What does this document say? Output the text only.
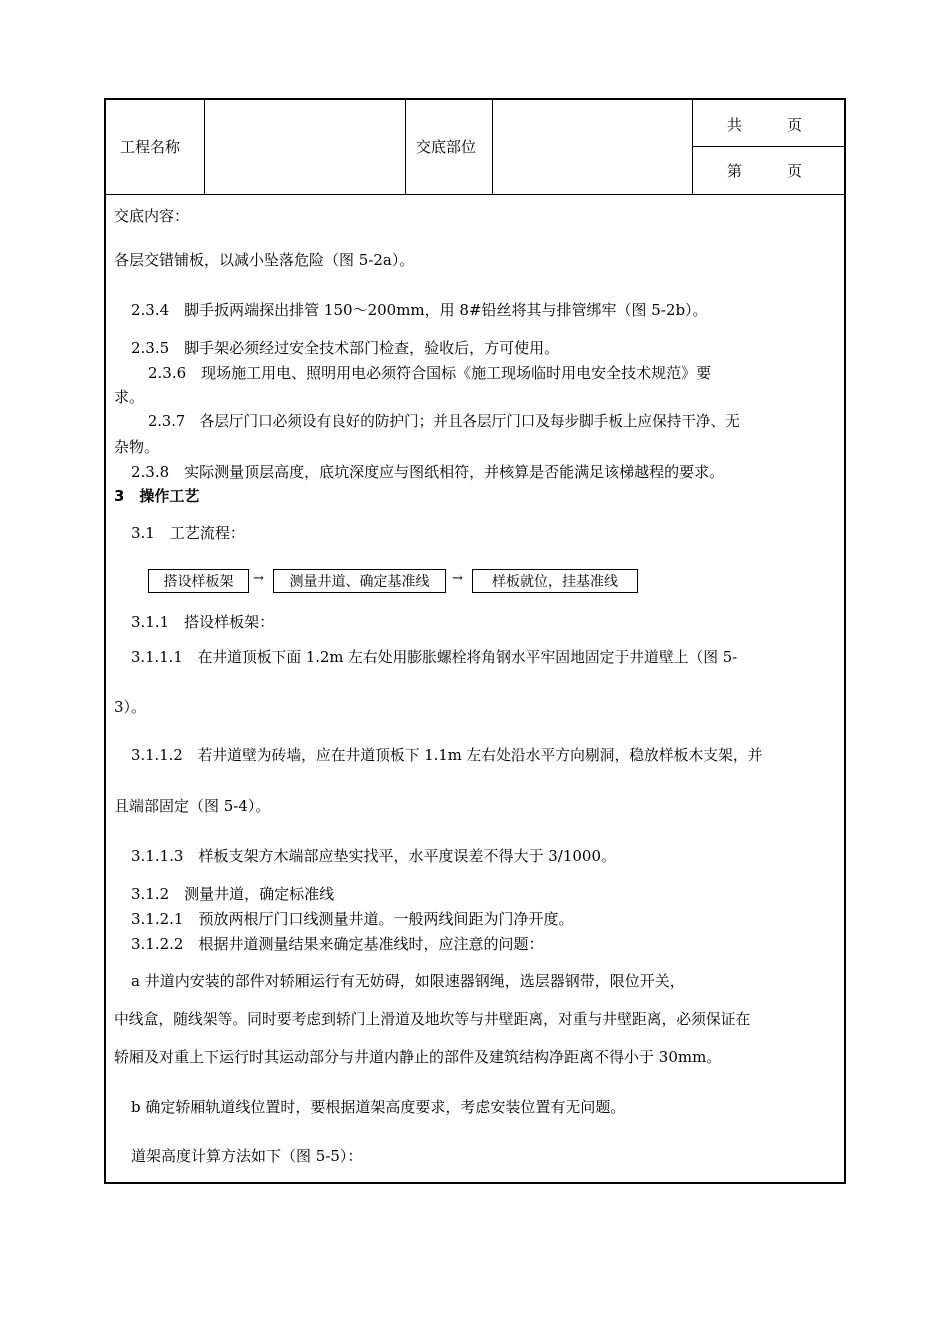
工程名称	交底部位
共　　　页
第　　　页
交底内容：
各层交错铺板，以减小坠落危险（图 5-2a）。
2.3.4　脚手扳两端探出排管 150～200mm，用 8#铅丝将其与排管绑牢（图 5-2b）。
2.3.5　脚手架必须经过安全技术部门检查，验收后，方可使用。
2.3.6　现场施工用电、照明用电必须符合国标《施工现场临时用电安全技术规范》要
求。
2.3.7　各层厅门口必须设有良好的防护门；并且各层厅门口及每步脚手板上应保持干净、无
杂物。
2.3.8　实际测量顶层高度，底坑深度应与图纸相符，并核算是否能满足该梯越程的要求。
3　操作工艺
3.1　工艺流程：
搭设样板架	→	测量井道、确定基准线	→	样板就位，挂基准线
3.1.1　搭设样板架：
3.1.1.1　在井道顶板下面 1.2m 左右处用膨胀螺栓将角钢水平牢固地固定于井道壁上（图 5-
3）。
3.1.1.2　若井道壁为砖墙，应在井道顶板下 1.1m 左右处沿水平方向剔洞，稳放样板木支架，并
且端部固定（图 5-4）。
3.1.1.3　样板支架方木端部应垫实找平，水平度误差不得大于 3/1000。
3.1.2　测量井道，确定标准线
3.1.2.1　预放两根厅门口线测量井道。一般两线间距为门净开度。
3.1.2.2　根据井道测量结果来确定基准线时，应注意的问题：
a 井道内安装的部件对轿厢运行有无妨碍，如限速器钢绳，选层器钢带，限位开关，
中线盒，随线架等。同时要考虑到轿门上滑道及地坎等与井壁距离，对重与井壁距离，必须保证在
轿厢及对重上下运行时其运动部分与井道内静止的部件及建筑结构净距离不得小于 30mm。
b 确定轿厢轨道线位置时，要根据道架高度要求，考虑安装位置有无问题。
道架高度计算方法如下（图 5-5）：
